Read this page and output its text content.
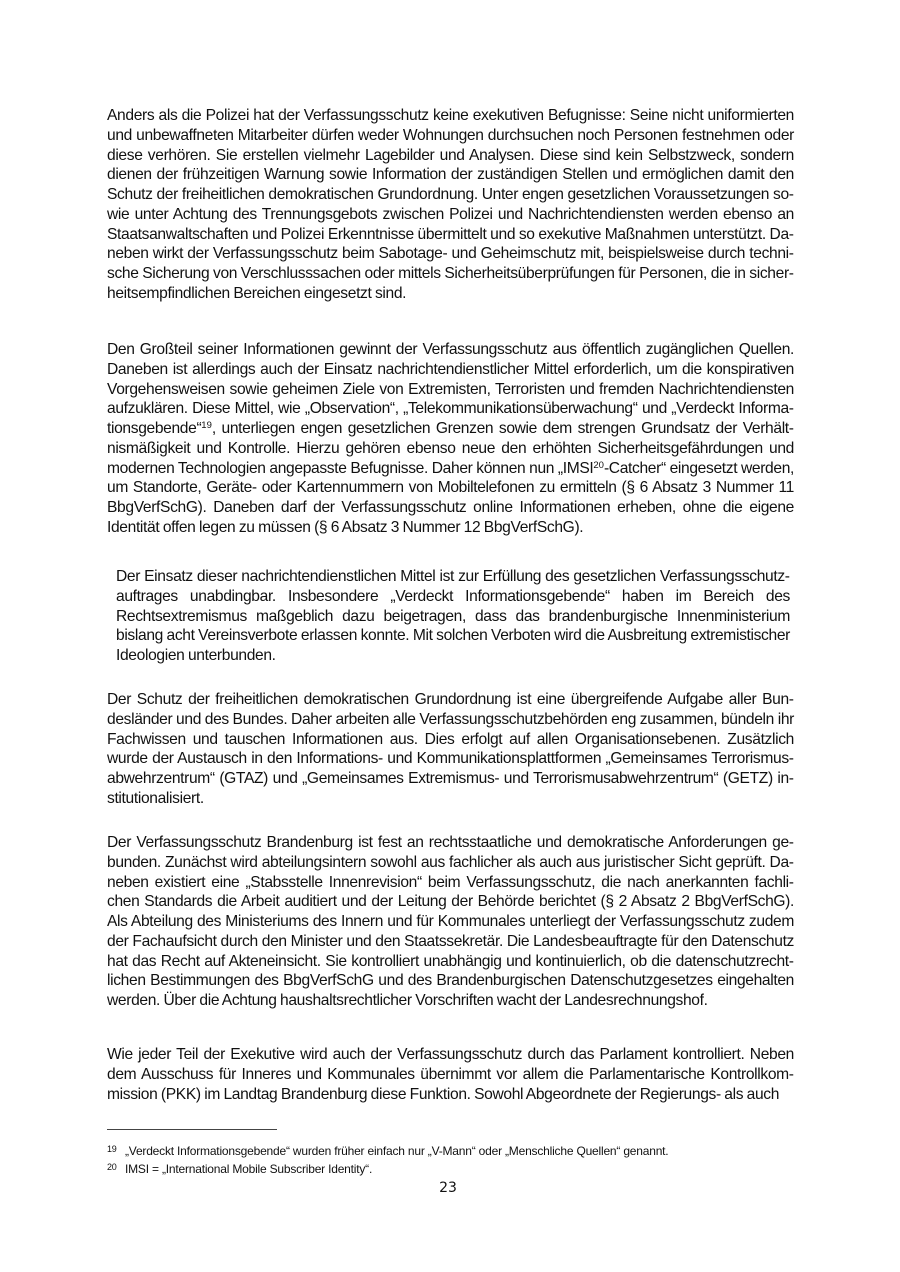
Anders als die Polizei hat der Verfassungsschutz keine exekutiven Befugnisse: Seine nicht uniformierten und unbewaffneten Mitarbeiter dürfen weder Wohnungen durchsuchen noch Personen festnehmen oder diese verhören. Sie erstellen vielmehr Lagebilder und Analysen. Diese sind kein Selbstzweck, sondern dienen der frühzeitigen Warnung sowie Information der zuständigen Stellen und ermöglichen damit den Schutz der freiheitlichen demokratischen Grundordnung. Unter engen gesetzlichen Voraussetzungen sowie unter Achtung des Trennungsgebots zwischen Polizei und Nachrichtendiensten werden ebenso an Staatsanwaltschaften und Polizei Erkenntnisse übermittelt und so exekutive Maßnahmen unterstützt. Daneben wirkt der Verfassungsschutz beim Sabotage- und Geheimschutz mit, beispielsweise durch technische Sicherung von Verschlusssachen oder mittels Sicherheitsüberprüfungen für Personen, die in sicherheitsempfindlichen Bereichen eingesetzt sind.

Den Großteil seiner Informationen gewinnt der Verfassungsschutz aus öffentlich zugänglichen Quellen. Daneben ist allerdings auch der Einsatz nachrichtendienstlicher Mittel erforderlich, um die konspirativen Vorgehensweisen sowie geheimen Ziele von Extremisten, Terroristen und fremden Nachrichtendiensten aufzuklären. Diese Mittel, wie „Observation“, „Telekommunikationsüberwachung“ und „Verdeckt Informationsgebende“$^{19}$, unterliegen engen gesetzlichen Grenzen sowie dem strengen Grundsatz der Verhältnismäßigkeit und Kontrolle. Hierzu gehören ebenso neue den erhöhten Sicherheitsgefährdungen und modernen Technologien angepasste Befugnisse. Daher können nun „IMSI$^{20}$-Catcher“ eingesetzt werden, um Standorte, Geräte- oder Kartennummern von Mobiltelefonen zu ermitteln (§ 6 Absatz 3 Nummer 11 BbgVerfSchG). Daneben darf der Verfassungsschutz online Informationen erheben, ohne die eigene Identität offen legen zu müssen (§ 6 Absatz 3 Nummer 12 BbgVerfSchG).

Der Einsatz dieser nachrichtendienstlichen Mittel ist zur Erfüllung des gesetzlichen Verfassungsschutzauftrages unabdingbar. Insbesondere „Verdeckt Informationsgebende“ haben im Bereich des Rechtsextremismus maßgeblich dazu beigetragen, dass das brandenburgische Innenministerium bislang acht Vereinsverbote erlassen konnte. Mit solchen Verboten wird die Ausbreitung extremistischer Ideologien unterbunden.

Der Schutz der freiheitlichen demokratischen Grundordnung ist eine übergreifende Aufgabe aller Bundesländer und des Bundes. Daher arbeiten alle Verfassungsschutzbehörden eng zusammen, bündeln ihr Fachwissen und tauschen Informationen aus. Dies erfolgt auf allen Organisationsebenen. Zusätzlich wurde der Austausch in den Informations- und Kommunikationsplattformen „Gemeinsames Terrorismusabwehrzentrum“ (GTAZ) und „Gemeinsames Extremismus- und Terrorismusabwehrzentrum“ (GETZ) institutionalisiert.

Der Verfassungsschutz Brandenburg ist fest an rechtsstaatliche und demokratische Anforderungen gebunden. Zunächst wird abteilungsintern sowohl aus fachlicher als auch aus juristischer Sicht geprüft. Daneben existiert eine „Stabsstelle Innenrevision“ beim Verfassungsschutz, die nach anerkannten fachlichen Standards die Arbeit auditiert und der Leitung der Behörde berichtet (§ 2 Absatz 2 BbgVerfSchG). Als Abteilung des Ministeriums des Innern und für Kommunales unterliegt der Verfassungsschutz zudem der Fachaufsicht durch den Minister und den Staatssekretär. Die Landesbeauftragte für den Datenschutz hat das Recht auf Akteneinsicht. Sie kontrolliert unabhängig und kontinuierlich, ob die datenschutzrechtlichen Bestimmungen des BbgVerfSchG und des Brandenburgischen Datenschutzgesetzes eingehalten werden. Über die Achtung haushaltsrechtlicher Vorschriften wacht der Landesrechnungshof.

Wie jeder Teil der Exekutive wird auch der Verfassungsschutz durch das Parlament kontrolliert. Neben dem Ausschuss für Inneres und Kommunales übernimmt vor allem die Parlamentarische Kontrollkommission (PKK) im Landtag Brandenburg diese Funktion. Sowohl Abgeordnete der Regierungs- als auch

19 „Verdeckt Informationsgebende“ wurden früher einfach nur „V-Mann“ oder „Menschliche Quellen“ genannt.
20 IMSI = „International Mobile Subscriber Identity“.
23
